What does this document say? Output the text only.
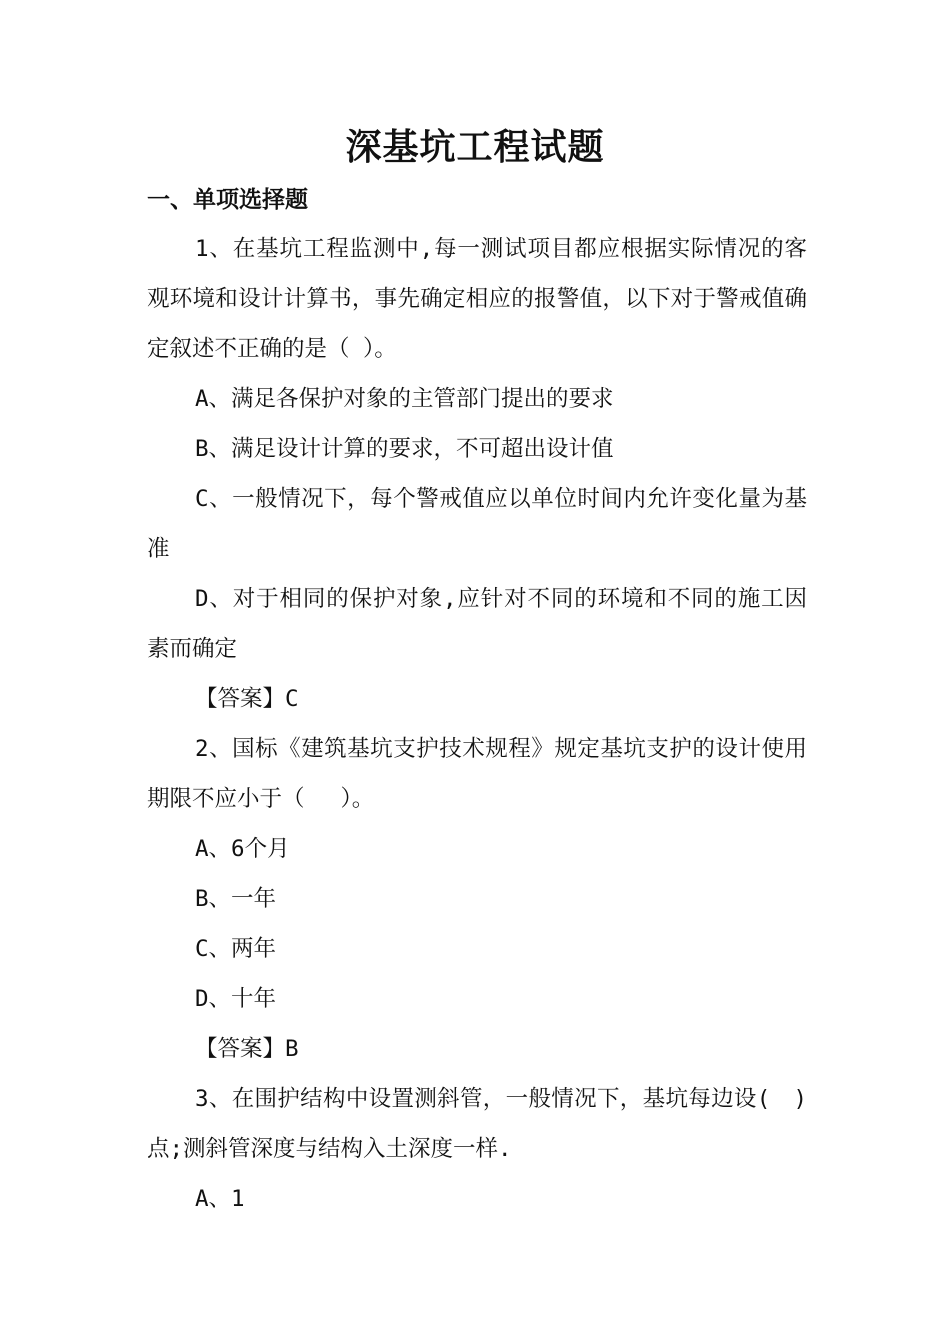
深基坑工程试题
一、单项选择题

1、在基坑工程监测中,每一测试项目都应根据实际情况的客观环境和设计计算书，事先确定相应的报警值，以下对于警戒值确定叙述不正确的是（ ）。

A、满足各保护对象的主管部门提出的要求

B、满足设计计算的要求，不可超出设计值

C、一般情况下，每个警戒值应以单位时间内允许变化量为基准

D、对于相同的保护对象,应针对不同的环境和不同的施工因素而确定

【答案】C

2、国标《建筑基坑支护技术规程》规定基坑支护的设计使用期限不应小于（　 ）。

A、6个月

B、一年

C、两年

D、十年

【答案】B

3、在围护结构中设置测斜管，一般情况下，基坑每边设(　)点;测斜管深度与结构入土深度一样.

A、1
